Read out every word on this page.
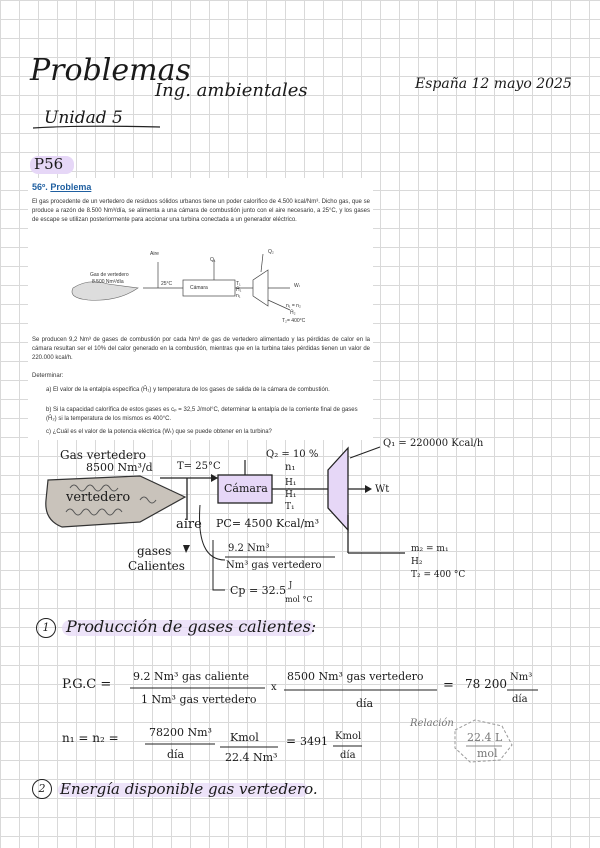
Problemas
Ing. ambientales	España 12 mayo 2025
Unidad 5
P56
56º. Problema

El gas procedente de un vertedero de residuos sólidos urbanos tiene un poder calorífico de 4.500 kcal/Nm³. Dicho gas, que se produce a razón de 8.500 Nm³/día, se alimenta a una cámara de combustión junto con el aire necesario, a 25°C, y los gases de escape se utilizan posteriormente para accionar una turbina conectada a un generador eléctrico.

Aire
Q₁
Q₂
Gas de vertedero
8.500 Nm³/día	25°C
Cámara
T₁
Ĥ₁
n₁
Wₜ
n₁ = n₂
Ĥ₂
T₂= 400°C

Se producen 9,2 Nm³ de gases de combustión por cada Nm³ de gas de vertedero alimentado y las pérdidas de calor en la cámara resultan ser el 10% del calor generado en la combustión, mientras que en la turbina tales pérdidas tienen un valor de 220.000 kcal/h.

Determinar:

a) El valor de la entalpía específica (Ĥ₁) y temperatura de los gases de salida de la cámara de combustión.
b) Si la capacidad calorífica de estos gases es cₚ = 32,5 J/mol°C, determinar la entalpía de la corriente final de gases (Ĥ₂) si la temperatura de los mismos es 400°C.
c) ¿Cuál es el valor de la potencia eléctrica (Wₜ) que se puede obtener en la turbina?
Gas vertedero
8500 Nm³/d T= 25°C
vertedero
Q₂ = 10 %
n₁
Cámara H₁
Ĥ₁
T₁
Q₁ = 220000 Kcal/h
Wt
aire PC= 4500 Kcal/m³
gases
Calientes
9.2 Nm³
Nm³ gas vertedero
Cp = 32.5 J
mol °C
m₂ = m₁
H₂
T₂ = 400 °C
1	Producción de gases calientes:
P.G.C =
9.2 Nm³ gas caliente
1 Nm³ gas vertedero
x
8500 Nm³ gas vertedero
día
= 78 200 Nm³
día
n₁ = n₂ =	78200 Nm³
día
Kmol
22.4 Nm³
= 3491 Kmol
día
Relación
22.4 L
mol
2 Energía disponible gas vertedero.
